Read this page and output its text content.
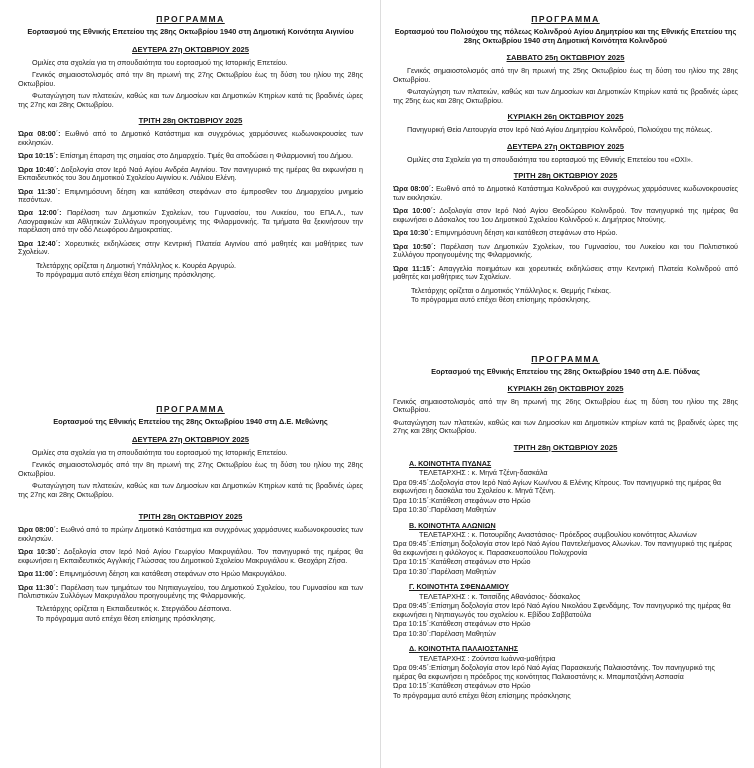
ΠΡΟΓΡΑΜΜΑ
Εορτασμού της Εθνικής Επετείου της 28ης Οκτωβρίου 1940 στη Δημοτική Κοινότητα Αιγινίου
ΔΕΥΤΕΡΑ 27η ΟΚΤΩΒΡΙΟΥ 2025
Ομιλίες στα σχολεία για τη σπουδαιότητα του εορτασμού της Ιστορικής Επετείου.
Γενικός σημαιοστολισμός από την 8η πρωινή της 27ης Οκτωβρίου έως τη δύση του ηλίου της 28ης Οκτωβρίου.
Φωταγώγηση των πλατειών, καθώς και των Δημοσίων και Δημοτικών Κτηρίων κατά τις βραδινές ώρες της 27ης και 28ης Οκτωβρίου.
ΤΡΙΤΗ 28η ΟΚΤΩΒΡΙΟΥ 2025
Ώρα 08:00΄: Εωθινό από το Δημοτικό Κατάστημα και συγχρόνως χαρμόσυνες κωδωνοκρουσίες των εκκλησιών.
Ώρα 10:15΄: Επίσημη έπαρση της σημαίας στο Δημαρχείο. Τιμές θα αποδώσει η Φιλαρμονική του Δήμου.
Ώρα 10:40΄: Δοξολογία στον Ιερό Ναό Αγίου Ανδρέα Αιγινίου. Τον πανηγυρικό της ημέρας θα εκφωνήσει η Εκπαιδευτικός του 3ου Δημοτικού Σχολείου Αιγινίου κ. Λιόλιου Ελένη.
Ώρα 11:30΄: Επιμνημόσυνη δέηση και κατάθεση στεφάνων στο έμπροσθεν του Δημαρχείου μνημείο πεσόντων.
Ώρα 12:00΄: Παρέλαση των Δημοτικών Σχολείων, του Γυμνασίου, του Λυκείου, του ΕΠΑ.Λ., των Λαογραφικών και Αθλητικών Συλλόγων προηγουμένης της Φιλαρμονικής. Τα τμήματα θα ξεκινήσουν την παρέλαση από την οδό Λεωφόρου Δημοκρατίας.
Ώρα 12:40΄: Χορευτικές εκδηλώσεις στην Κεντρική Πλατεία Αιγινίου από μαθητές και μαθήτριες των Σχολείων.
Τελετάρχης ορίζεται η Δημοτική Υπάλληλος κ. Κουρέα Αργυρώ.
Το πρόγραμμα αυτό επέχει θέση επίσημης πρόσκλησης.
ΠΡΟΓΡΑΜΜΑ
Εορτασμού της Εθνικής Επετείου της 28ης Οκτωβρίου 1940 στη Δ.Ε. Μεθώνης
ΔΕΥΤΕΡΑ 27η ΟΚΤΩΒΡΙΟΥ 2025
Ομιλίες στα σχολεία για τη σπουδαιότητα του εορτασμού της Ιστορικής Επετείου.
Γενικός σημαιοστολισμός από την 8η πρωινή της 27ης Οκτωβρίου έως τη δύση του ηλίου της 28ης Οκτωβρίου.
Φωταγώγηση των πλατειών, καθώς και των Δημοσίων και Δημοτικών Κτηρίων κατά τις βραδινές ώρες της 27ης και 28ης Οκτωβρίου.
ΤΡΙΤΗ 28η ΟΚΤΩΒΡΙΟΥ 2025
Ώρα 08:00΄: Εωθινό από το πρώην Δημοτικό Κατάστημα και συγχρόνως χαρμόσυνες κωδωνοκρουσίες των εκκλησιών.
Ώρα 10:30΄: Δοξολογία στον Ιερό Ναό Αγίου Γεωργίου Μακρυγιάλου. Τον πανηγυρικό της ημέρας θα εκφωνήσει η Εκπαιδευτικός Αγγλικής Γλώσσας του Δημοτικού Σχολείου Μακρυγιάλου κ. Θεοχάρη Ζήσα.
Ώρα 11:00΄: Επιμνημόσυνη δέηση και κατάθεση στεφάνων στο Ηρώο Μακρυγιάλου.
Ώρα 11:30΄: Παρέλαση των τμημάτων του Νηπιαγωγείου, του Δημοτικού Σχολείου, του Γυμνασίου και των Πολιτιστικών Συλλόγων Μακρυγιάλου προηγουμένης της Φιλαρμονικής.
Τελετάρχης ορίζεται η Εκπαιδευτικός κ. Στεργιάδου Δέσποινα.
Το πρόγραμμα αυτό επέχει θέση επίσημης πρόσκλησης.
ΠΡΟΓΡΑΜΜΑ
Εορτασμού του Πολιούχου της πόλεως Κολινδρού Αγίου Δημητρίου και της Εθνικής Επετείου της 28ης Οκτωβρίου 1940 στη Δημοτική Κοινότητα Κολινδρού
ΣΑΒΒΑΤΟ 25η ΟΚΤΩΒΡΙΟΥ 2025
Γενικός σημαιοστολισμός από την 8η πρωινή της 25ης Οκτωβρίου έως τη δύση του ηλίου της 28ης Οκτωβρίου.
Φωταγώγηση των πλατειών, καθώς και των Δημοσίων και Δημοτικών Κτηρίων κατά τις βραδινές ώρες της 25ης έως και 28ης Οκτωβρίου.
ΚΥΡΙΑΚΗ 26η ΟΚΤΩΒΡΙΟΥ 2025
Πανηγυρική Θεία Λειτουργία στον Ιερό Ναό Αγίου Δημητρίου Κολινδρού, Πολιούχου της πόλεως.
ΔΕΥΤΕΡΑ 27η ΟΚΤΩΒΡΙΟΥ 2025
Ομιλίες στα Σχολεία για τη σπουδαιότητα του εορτασμού της Εθνικής Επετείου του «ΟΧΙ».
ΤΡΙΤΗ 28η ΟΚΤΩΒΡΙΟΥ 2025
Ώρα 08:00΄: Εωθινό από το Δημοτικό Κατάστημα Κολινδρού και συγχρόνως χαρμόσυνες κωδωνοκρουσίες των εκκλησιών.
Ώρα 10:00΄: Δοξολογία στον Ιερό Ναό Αγίου Θεοδώρου Κολινδρού. Τον πανηγυρικό της ημέρας θα εκφωνήσει ο Δάσκαλος του 1ου Δημοτικού Σχολείου Κολινδρού κ. Δημήτριος Ντούνης.
Ώρα 10:30΄: Επιμνημόσυνη δέηση και κατάθεση στεφάνων στο Ηρώο.
Ώρα 10:50΄: Παρέλαση των Δημοτικών Σχολείων, του Γυμνασίου, του Λυκείου και του Πολιτιστικού Συλλόγου προηγουμένης της Φιλαρμονικής.
Ώρα 11:15΄: Απαγγελία ποιημάτων και χορευτικές εκδηλώσεις στην Κεντρική Πλατεία Κολινδρού από μαθητές και μαθήτριες των Σχολείων.
Τελετάρχης ορίζεται ο Δημοτικός Υπάλληλος κ. Θεμμής Γκέκας.
Το πρόγραμμα αυτό επέχει θέση επίσημης πρόσκλησης.
ΠΡΟΓΡΑΜΜΑ
Εορτασμού της Εθνικής Επετείου της 28ης Οκτωβρίου 1940 στη Δ.Ε. Πύδνας
ΚΥΡΙΑΚΗ 26η ΟΚΤΩΒΡΙΟΥ 2025
Γενικός σημαιοστολισμός από την 8η πρωινή της 26ης Οκτωβρίου έως τη δύση του ηλίου της 28ης Οκτωβρίου.
Φωταγώγηση των πλατειών, καθώς και των Δημοσίων και Δημοτικών κτηρίων κατά τις βραδινές ώρες της 27ης και 28ης Οκτωβρίου.
ΤΡΙΤΗ 28η ΟΚΤΩΒΡΙΟΥ 2025
Α. ΚΟΙΝΟΤΗΤΑ ΠΥΔΝΑΣ
ΤΕΛΕΤΑΡΧΗΣ : κ. Μηνά Τζένη-δασκάλα
Ώρα 09:45΄:Δοξολογία στον Ιερό Ναό Αγίων Κων/νου & Ελένης Κίτρους. Τον πανηγυρικό της ημέρας θα εκφωνήσει η δασκάλα του Σχολείου κ. Μηνά Τζένη.
Ώρα 10:15΄:Κατάθεση στεφάνων στο Ηρώο
Ώρα 10:30΄:Παρέλαση Μαθητών
Β. ΚΟΙΝΟΤΗΤΑ ΑΛΩΝΙΩΝ
ΤΕΛΕΤΑΡΧΗΣ : κ. Ποτουρίδης Αναστάσιος- Πρόεδρος συμβουλίου κοινότητας Αλωνίων
Ώρα 09:45΄:Επίσημη δοξολογία στον Ιερό Ναό Αγίου Παντελεήμονος Αλωνίων. Τον πανηγυρικό της ημέρας θα εκφωνήσει η φιλόλογος κ. Παρασκευοπούλου Πολυχρονία
Ώρα 10:15΄:Κατάθεση στεφάνων στο Ηρώο
Ώρα 10:30΄:Παρέλαση Μαθητών
Γ. ΚΟΙΝΟΤΗΤΑ ΣΦΕΝΔΑΜΙΟΥ
ΤΕΛΕΤΑΡΧΗΣ : κ. Τσιτσίδης Αθανάσιος- δάσκαλος
Ώρα 09:45΄:Επίσημη δοξολογία στον Ιερό Ναό Αγίου Νικολάου Σφενδάμης. Τον πανηγυρικό της ημέρας θα εκφωνήσει η Νηπιαγωγός του σχολείου κ. Εβίδου Σαββατούλα
Ώρα 10:15΄:Κατάθεση στεφάνων στο Ηρώο
Ώρα 10:30΄:Παρέλαση Μαθητών
Δ. ΚΟΙΝΟΤΗΤΑ ΠΑΛΑΙΟΣΤΑΝΗΣ
ΤΕΛΕΤΑΡΧΗΣ : Ζούντσα Ιωάννα-μαθήτρια
Ώρα 09:45΄:Επίσημη δοξολογία στον Ιερό Ναό Αγίας Παρασκευής Παλαιοστάνης. Τον πανηγυρικό της ημέρας θα εκφωνήσει η πρόεδρος της κοινότητας Παλαιοστάνης κ. Μπαμπατζιάνη Ασπασία
Ώρα 10:15΄:Κατάθεση στεφάνων στο Ηρώο
Το πρόγραμμα αυτό επέχει θέση επίσημης πρόσκλησης
